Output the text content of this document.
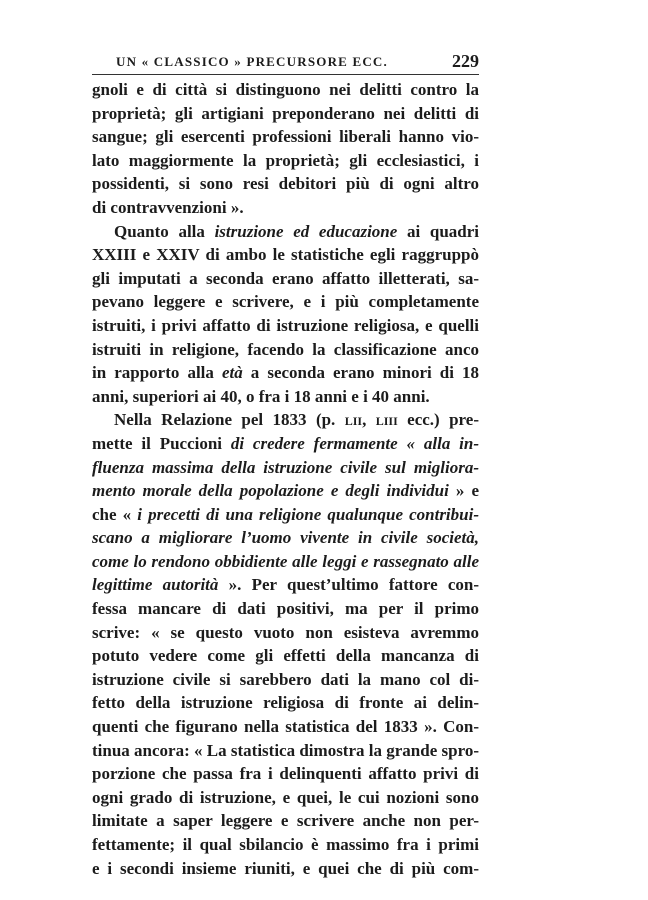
UN « CLASSICO » PRECURSORE ECC.	229
gnoli e di città si distinguono nei delitti contro la
proprietà; gli artigiani preponderano nei delitti di
sangue; gli esercenti professioni liberali hanno vio-
lato maggiormente la proprietà; gli ecclesiastici, i
possidenti, si sono resi debitori più di ogni altro
di contravvenzioni ».
Quanto alla istruzione ed educazione ai quadri
XXIII e XXIV di ambo le statistiche egli raggruppò
gli imputati a seconda erano affatto illetterati, sa-
pevano leggere e scrivere, e i più completamente
istruiti, i privi affatto di istruzione religiosa, e quelli
istruiti in religione, facendo la classificazione anco
in rapporto alla età a seconda erano minori di 18
anni, superiori ai 40, o fra i 18 anni e i 40 anni.
Nella Relazione pel 1833 (p. lii, liii ecc.) pre-
mette il Puccioni di credere fermamente « alla in-
fluenza massima della istruzione civile sul migliora-
mento morale della popolazione e degli individui » e
che « i precetti di una religione qualunque contribui-
scano a migliorare l’uomo vivente in civile società,
come lo rendono obbidiente alle leggi e rassegnato alle
legittime autorità ». Per quest’ultimo fattore con-
fessa mancare di dati positivi, ma per il primo
scrive: « se questo vuoto non esisteva avremmo
potuto vedere come gli effetti della mancanza di
istruzione civile si sarebbero dati la mano col di-
fetto della istruzione religiosa di fronte ai delin-
quenti che figurano nella statistica del 1833 ». Con-
tinua ancora: « La statistica dimostra la grande spro-
porzione che passa fra i delinquenti affatto privi di
ogni grado di istruzione, e quei, le cui nozioni sono
limitate a saper leggere e scrivere anche non per-
fettamente; il qual sbilancio è massimo fra i primi
e i secondi insieme riuniti, e quei che di più com-
